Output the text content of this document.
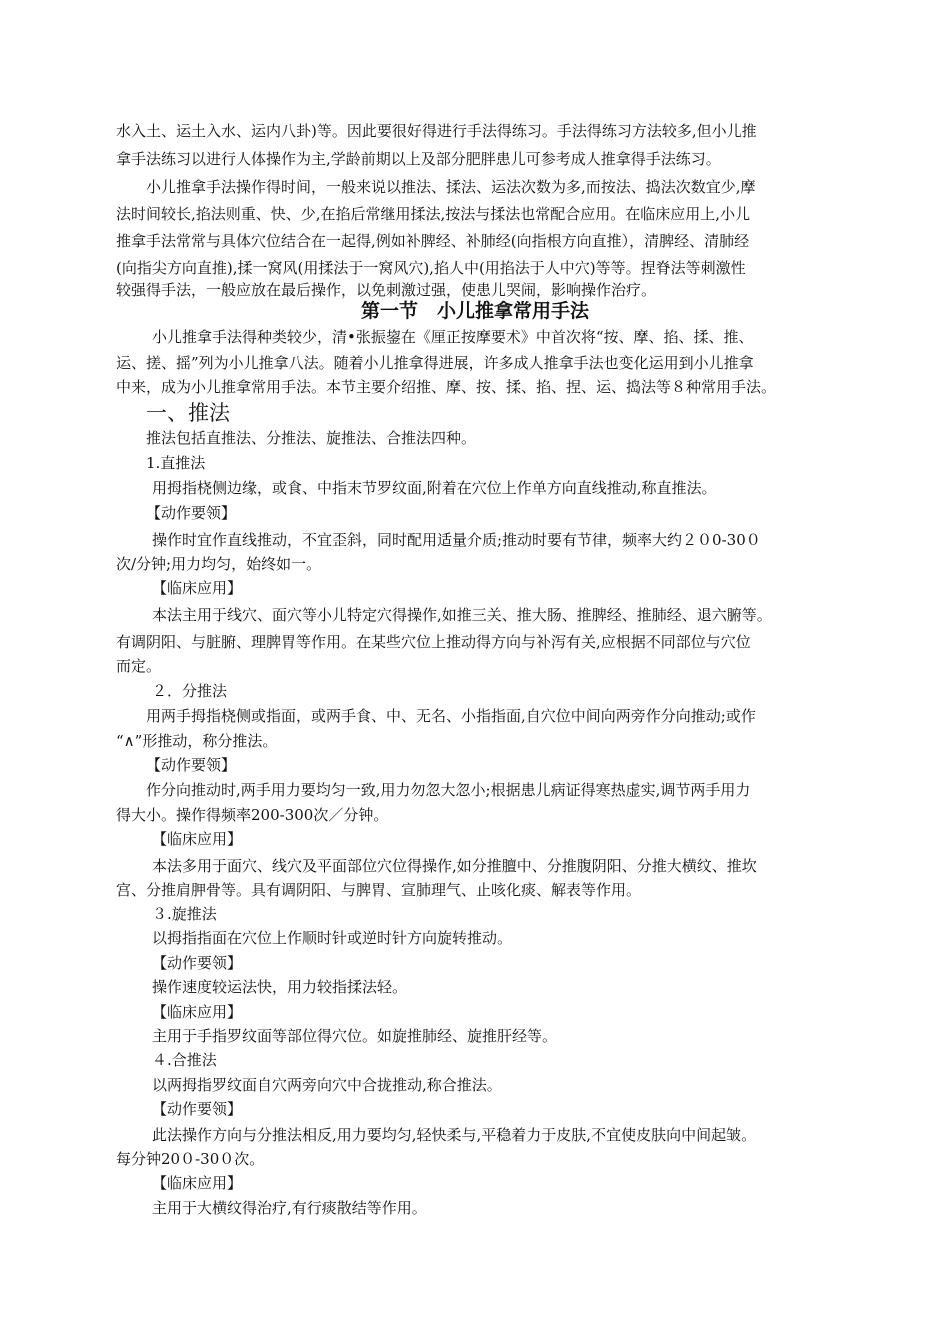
水入土、运土入水、运内八卦)等。因此要很好得进行手法得练习。手法得练习方法较多,但小儿推
拿手法练习以进行人体操作为主,学龄前期以上及部分肥胖患儿可参考成人推拿得手法练习。
小儿推拿手法操作得时间，一般来说以推法、揉法、运法次数为多,而按法、捣法次数宜少,摩
法时间较长,掐法则重、快、少,在掐后常继用揉法,按法与揉法也常配合应用。在临床应用上,小儿
推拿手法常常与具体穴位结合在一起得,例如补脾经、补肺经(向指根方向直推），清脾经、清肺经
(向指尖方向直推),揉一窝风(用揉法于一窝风穴),掐人中(用掐法于人中穴)等等。捏脊法等刺激性
较强得手法，一般应放在最后操作，以免刺激过强，使患儿哭闹，影响操作治疗。
第一节　小儿推拿常用手法
小儿推拿手法得种类较少，清•张振鋆在《厘正按摩要术》中首次将“按、摩、掐、揉、推、
运、搓、摇”列为小儿推拿八法。随着小儿推拿得进展，许多成人推拿手法也变化运用到小儿推拿
中来，成为小儿推拿常用手法。本节主要介绍推、摩、按、揉、掐、捏、运、捣法等８种常用手法。
一、推法
推法包括直推法、分推法、旋推法、合推法四种。
1.直推法
用拇指桡侧边缘，或食、中指末节罗纹面,附着在穴位上作单方向直线推动,称直推法。
【动作要领】
操作时宜作直线推动，不宜歪斜，同时配用适量介质;推动时要有节律，频率大约２０0-30０
次/分钟;用力均匀，始终如一。
【临床应用】
本法主用于线穴、面穴等小儿特定穴得操作,如推三关、推大肠、推脾经、推肺经、退六腑等。
有调阴阳、与脏腑、理脾胃等作用。在某些穴位上推动得方向与补泻有关,应根据不同部位与穴位
而定。
２．分推法
用两手拇指桡侧或指面，或两手食、中、无名、小指指面,自穴位中间向两旁作分向推动;或作
“∧”形推动，称分推法。
【动作要领】
作分向推动时,两手用力要均匀一致,用力勿忽大忽小;根据患儿病证得寒热虚实,调节两手用力
得大小。操作得频率200-300次／分钟。
【临床应用】
本法多用于面穴、线穴及平面部位穴位得操作,如分推膻中、分推腹阴阳、分推大横纹、推坎
宫、分推肩胛骨等。具有调阴阳、与脾胃、宣肺理气、止咳化痰、解表等作用。
３.旋推法
以拇指指面在穴位上作顺时针或逆时针方向旋转推动。
【动作要领】
操作速度较运法快，用力较指揉法轻。
【临床应用】
主用于手指罗纹面等部位得穴位。如旋推肺经、旋推肝经等。
４.合推法
以两拇指罗纹面自穴两旁向穴中合拢推动,称合推法。
【动作要领】
此法操作方向与分推法相反,用力要均匀,轻快柔与,平稳着力于皮肤,不宜使皮肤向中间起皱。
每分钟20０-30０次。
【临床应用】
主用于大横纹得治疗,有行痰散结等作用。
